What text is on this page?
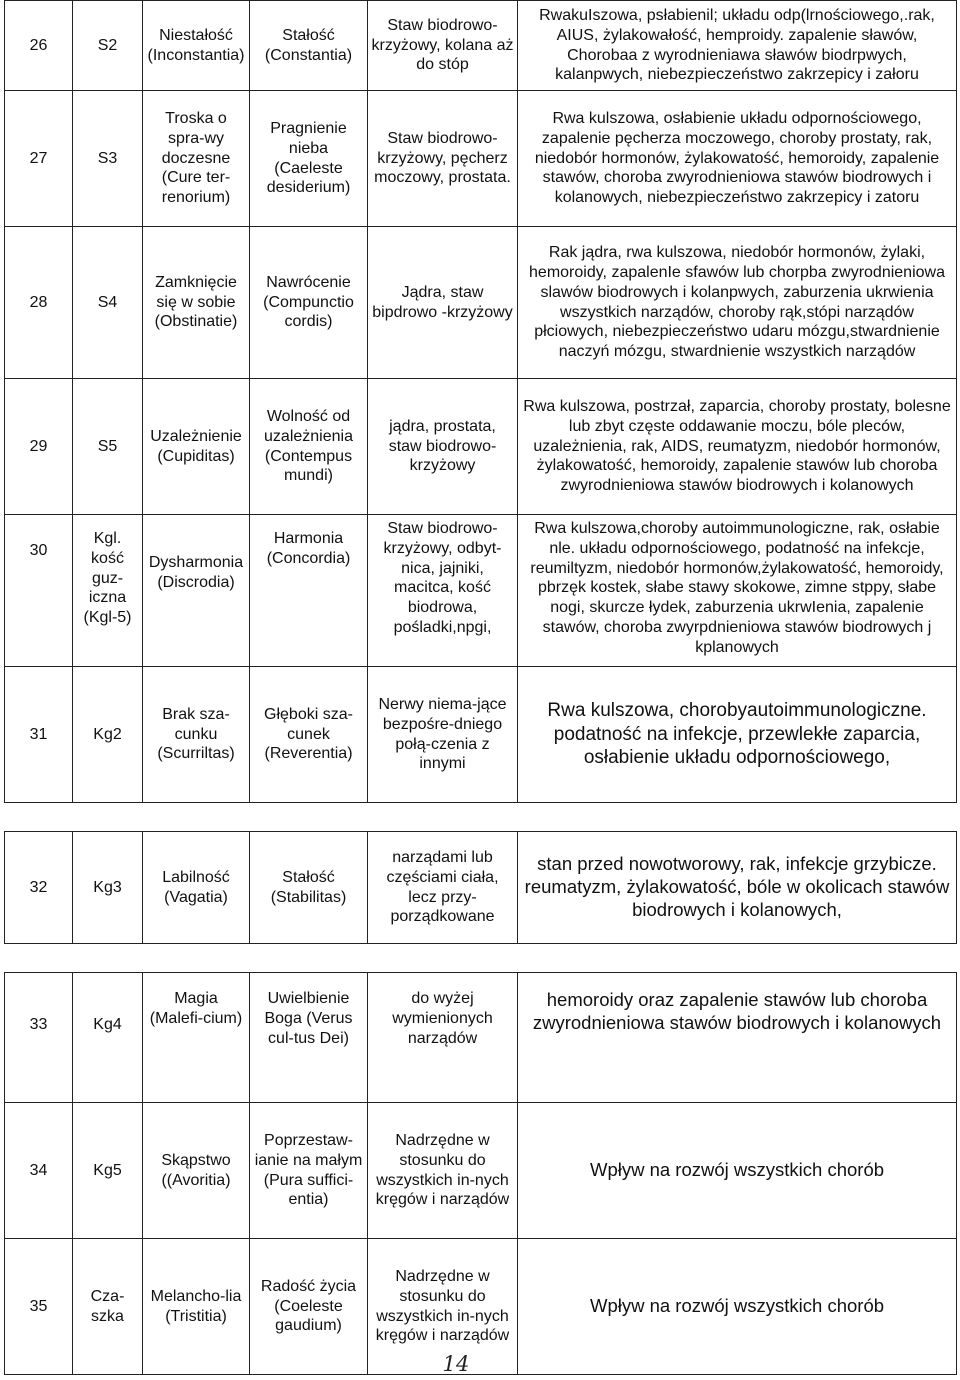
26	S2	Niestałość (Inconstantia)	Stałość (Constantia)	Staw biodrowo-krzyżowy, kolana aż do stóp	RwakuIszowa, psłabienil; układu odp(lrnościowego,.rak, AIUS, żylakowałość, hemproidy. zapalenie sławów, Chorobaa z wyrodnieniawa sławów biodrpwych, kalanpwych, niebezpieczeństwo zakrzepicy i załoru
27	S3	Troska o spra-wy doczesne (Cure ter-renorium)	Pragnienie nieba (Caeleste desiderium)	Staw biodrowo-krzyżowy, pęcherz moczowy, prostata.	Rwa kulszowa, osłabienie układu odpornościowego, zapalenie pęcherza moczowego, choroby prostaty, rak, niedobór hormonów, żylakowatość, hemoroidy, zapalenie stawów, choroba zwyrodnieniowa stawów biodrowych i kolanowych, niebezpieczeństwo zakrzepicy i zatoru
28	S4	Zamknięcie się w sobie (Obstinatie)	Nawrócenie (Compunctio cordis)	Jądra, staw bipdrowo -krzyżowy	Rak jądra, rwa kulszowa, niedobór hormonów, żylaki, hemoroidy, zapalenIe sfawów lub chorpba zwyrodnieniowa slawów biodrowych i kolanpwych, zaburzenia ukrwienia wszystkich narządów, choroby rąk,stópi narządów płciowych, niebezpieczeństwo udaru mózgu,stwardnienie naczyń mózgu, stwardnienie wszystkich narządów
29	S5	Uzależnienie (Cupiditas)	Wolność od uzależnienia (Contempus mundi)	jądra, prostata, staw biodrowo-krzyżowy	Rwa kulszowa, postrzał, zaparcia, choroby prostaty, bolesne lub zbyt częste oddawanie moczu, bóle pleców, uzależnienia, rak, AIDS, reumatyzm, niedobór hormonów, żylakowatość, hemoroidy, zapalenie stawów lub choroba zwyrodnieniowa stawów biodrowych i kolanowych
30	Kgl. kość guz-iczna (Kgl-5)	Dysharmonia (Discrodia)	Harmonia (Concordia)	Staw biodrowo-krzyżowy, odbyt-nica, jajniki, macitca, kość biodrowa, pośladki,npgi,	Rwa kulszowa,choroby autoimmunologiczne, rak, osłabie nle. układu odpornościowego, podatność na infekcje, reumiltyzm, niedobór hormonów,żylakowatość, hemoroidy, pbrzęk kostek, słabe stawy skokowe, zimne stppy, słabe nogi, skurcze łydek, zaburzenia ukrwIenia, zapalenie stawów, choroba zwyrpdnieniowa stawów biodrowych j kplanowych
31	Kg2	Brak sza-cunku (Scurriltas)	Głęboki sza-cunek (Reverentia)	Nerwy niema-jące bezpośre-dniego połą-czenia z innymi	Rwa kulszowa, chorobyautoimmunologiczne. podatność na infekcje, przewlekłe zaparcia, osłabienie układu odpornościowego,

32	Kg3	Labilność (Vagatia)	Stałość (Stabilitas)	narządami lub częściami ciała, lecz przy-porządkowane	stan przed nowotworowy, rak, infekcje grzybicze. reumatyzm, żylakowatość, bóle w okolicach stawów biodrowych i kolanowych,

33	Kg4	Magia (Malefi-cium)	Uwielbienie Boga (Verus cul-tus Dei)	do wyżej wymienionych narządów	hemoroidy oraz zapalenie stawów lub choroba zwyrodnieniowa stawów biodrowych i kolanowych
34	Kg5	Skąpstwo ((Avoritia)	Poprzestaw-ianie na małym (Pura suffici-entia)	Nadrzędne w stosunku do wszystkich in-nych kręgów i narządów	Wpływ na rozwój wszystkich chorób
35	Cza-szka	Melancho-lia (Tristitia)	Radość życia (Coeleste gaudium)	Nadrzędne w stosunku do wszystkich in-nych kręgów i narządów	Wpływ na rozwój wszystkich chorób
14
